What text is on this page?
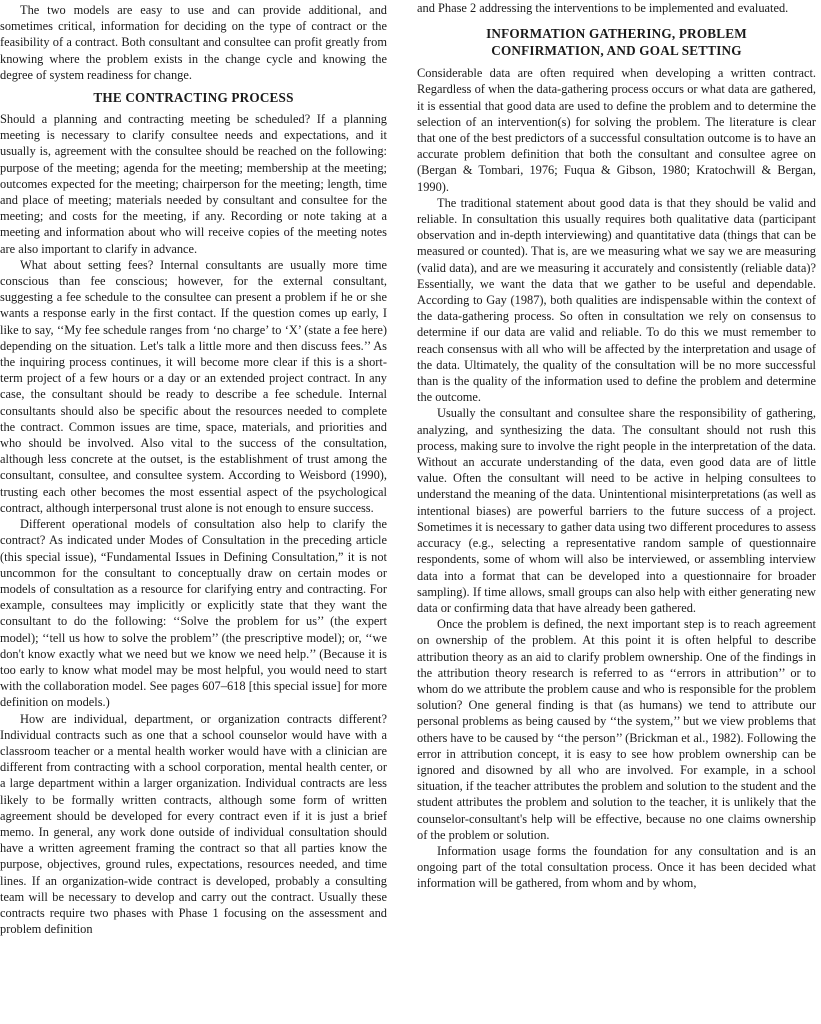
The two models are easy to use and can provide additional, and sometimes critical, information for deciding on the type of contract or the feasibility of a contract. Both consultant and consultee can profit greatly from knowing where the problem exists in the change cycle and knowing the degree of system readiness for change.

THE CONTRACTING PROCESS

Should a planning and contracting meeting be scheduled? If a planning meeting is necessary to clarify consultee needs and expectations, and it usually is, agreement with the consultee should be reached on the following: purpose of the meeting; agenda for the meeting; membership at the meeting; outcomes expected for the meeting; chairperson for the meeting; length, time and place of meeting; materials needed by consultant and consultee for the meeting; and costs for the meeting, if any. Recording or note taking at a meeting and information about who will receive copies of the meeting notes are also important to clarify in advance.

What about setting fees? Internal consultants are usually more time conscious than fee conscious; however, for the external consultant, suggesting a fee schedule to the consultee can present a problem if he or she wants a response early in the first contact. If the question comes up early, I like to say, ‘‘My fee schedule ranges from ‘no charge’ to ‘X’ (state a fee here) depending on the situation. Let's talk a little more and then discuss fees.’’ As the inquiring process continues, it will become more clear if this is a short-term project of a few hours or a day or an extended project contract. In any case, the consultant should be ready to describe a fee schedule. Internal consultants should also be specific about the resources needed to complete the contract. Common issues are time, space, materials, and priorities and who should be involved. Also vital to the success of the consultation, although less concrete at the outset, is the establishment of trust among the consultant, consultee, and consultee system. According to Weisbord (1990), trusting each other becomes the most essential aspect of the psychological contract, although interpersonal trust alone is not enough to ensure success.

Different operational models of consultation also help to clarify the contract? As indicated under Modes of Consultation in the preceding article (this special issue), “Fundamental Issues in Defining Consultation,” it is not uncommon for the consultant to conceptually draw on certain modes or models of consultation as a resource for clarifying entry and contracting. For example, consultees may implicitly or explicitly state that they want the consultant to do the following: ‘‘Solve the problem for us’’ (the expert model); ‘‘tell us how to solve the problem’’ (the prescriptive model); or, ‘‘we don't know exactly what we need but we know we need help.’’ (Because it is too early to know what model may be most helpful, you would need to start with the collaboration model. See pages 607–618 [this special issue] for more definition on models.)

How are individual, department, or organization contracts different? Individual contracts such as one that a school counselor would have with a classroom teacher or a mental health worker would have with a clinician are different from contracting with a school corporation, mental health center, or a large department within a larger organization. Individual contracts are less likely to be formally written contracts, although some form of written agreement should be developed for every contract even if it is just a brief memo. In general, any work done outside of individual consultation should have a written agreement framing the contract so that all parties know the purpose, objectives, ground rules, expectations, resources needed, and time lines. If an organization-wide contract is developed, probably a consulting team will be necessary to develop and carry out the contract. Usually these contracts require two phases with Phase 1 focusing on the assessment and problem definition

and Phase 2 addressing the interventions to be implemented and evaluated.

INFORMATION GATHERING, PROBLEM
CONFIRMATION, AND GOAL SETTING

Considerable data are often required when developing a written contract. Regardless of when the data-gathering process occurs or what data are gathered, it is essential that good data are used to define the problem and to determine the selection of an intervention(s) for solving the problem. The literature is clear that one of the best predictors of a successful consultation outcome is to have an accurate problem definition that both the consultant and consultee agree on (Bergan & Tombari, 1976; Fuqua & Gibson, 1980; Kratochwill & Bergan, 1990).

The traditional statement about good data is that they should be valid and reliable. In consultation this usually requires both qualitative data (participant observation and in-depth interviewing) and quantitative data (things that can be measured or counted). That is, are we measuring what we say we are measuring (valid data), and are we measuring it accurately and consistently (reliable data)? Essentially, we want the data that we gather to be useful and dependable. According to Gay (1987), both qualities are indispensable within the context of the data-gathering process. So often in consultation we rely on consensus to determine if our data are valid and reliable. To do this we must remember to reach consensus with all who will be affected by the interpretation and usage of the data. Ultimately, the quality of the consultation will be no more successful than is the quality of the information used to define the problem and determine the outcome.

Usually the consultant and consultee share the responsibility of gathering, analyzing, and synthesizing the data. The consultant should not rush this process, making sure to involve the right people in the interpretation of the data. Without an accurate understanding of the data, even good data are of little value. Often the consultant will need to be active in helping consultees to understand the meaning of the data. Unintentional misinterpretations (as well as intentional biases) are powerful barriers to the future success of a project. Sometimes it is necessary to gather data using two different procedures to assess accuracy (e.g., selecting a representative random sample of questionnaire respondents, some of whom will also be interviewed, or assembling interview data into a format that can be developed into a questionnaire for broader sampling). If time allows, small groups can also help with either generating new data or confirming data that have already been gathered.

Once the problem is defined, the next important step is to reach agreement on ownership of the problem. At this point it is often helpful to describe attribution theory as an aid to clarify problem ownership. One of the findings in the attribution theory research is referred to as ‘‘errors in attribution’’ or to whom do we attribute the problem cause and who is responsible for the problem solution? One general finding is that (as humans) we tend to attribute our personal problems as being caused by ‘‘the system,’’ but we view problems that others have to be caused by ‘‘the person’’ (Brickman et al., 1982). Following the error in attribution concept, it is easy to see how problem ownership can be ignored and disowned by all who are involved. For example, in a school situation, if the teacher attributes the problem and solution to the student and the student attributes the problem and solution to the teacher, it is unlikely that the counselor-consultant's help will be effective, because no one claims ownership of the problem or solution.

Information usage forms the foundation for any consultation and is an ongoing part of the total consultation process. Once it has been decided what information will be gathered, from whom and by whom,
